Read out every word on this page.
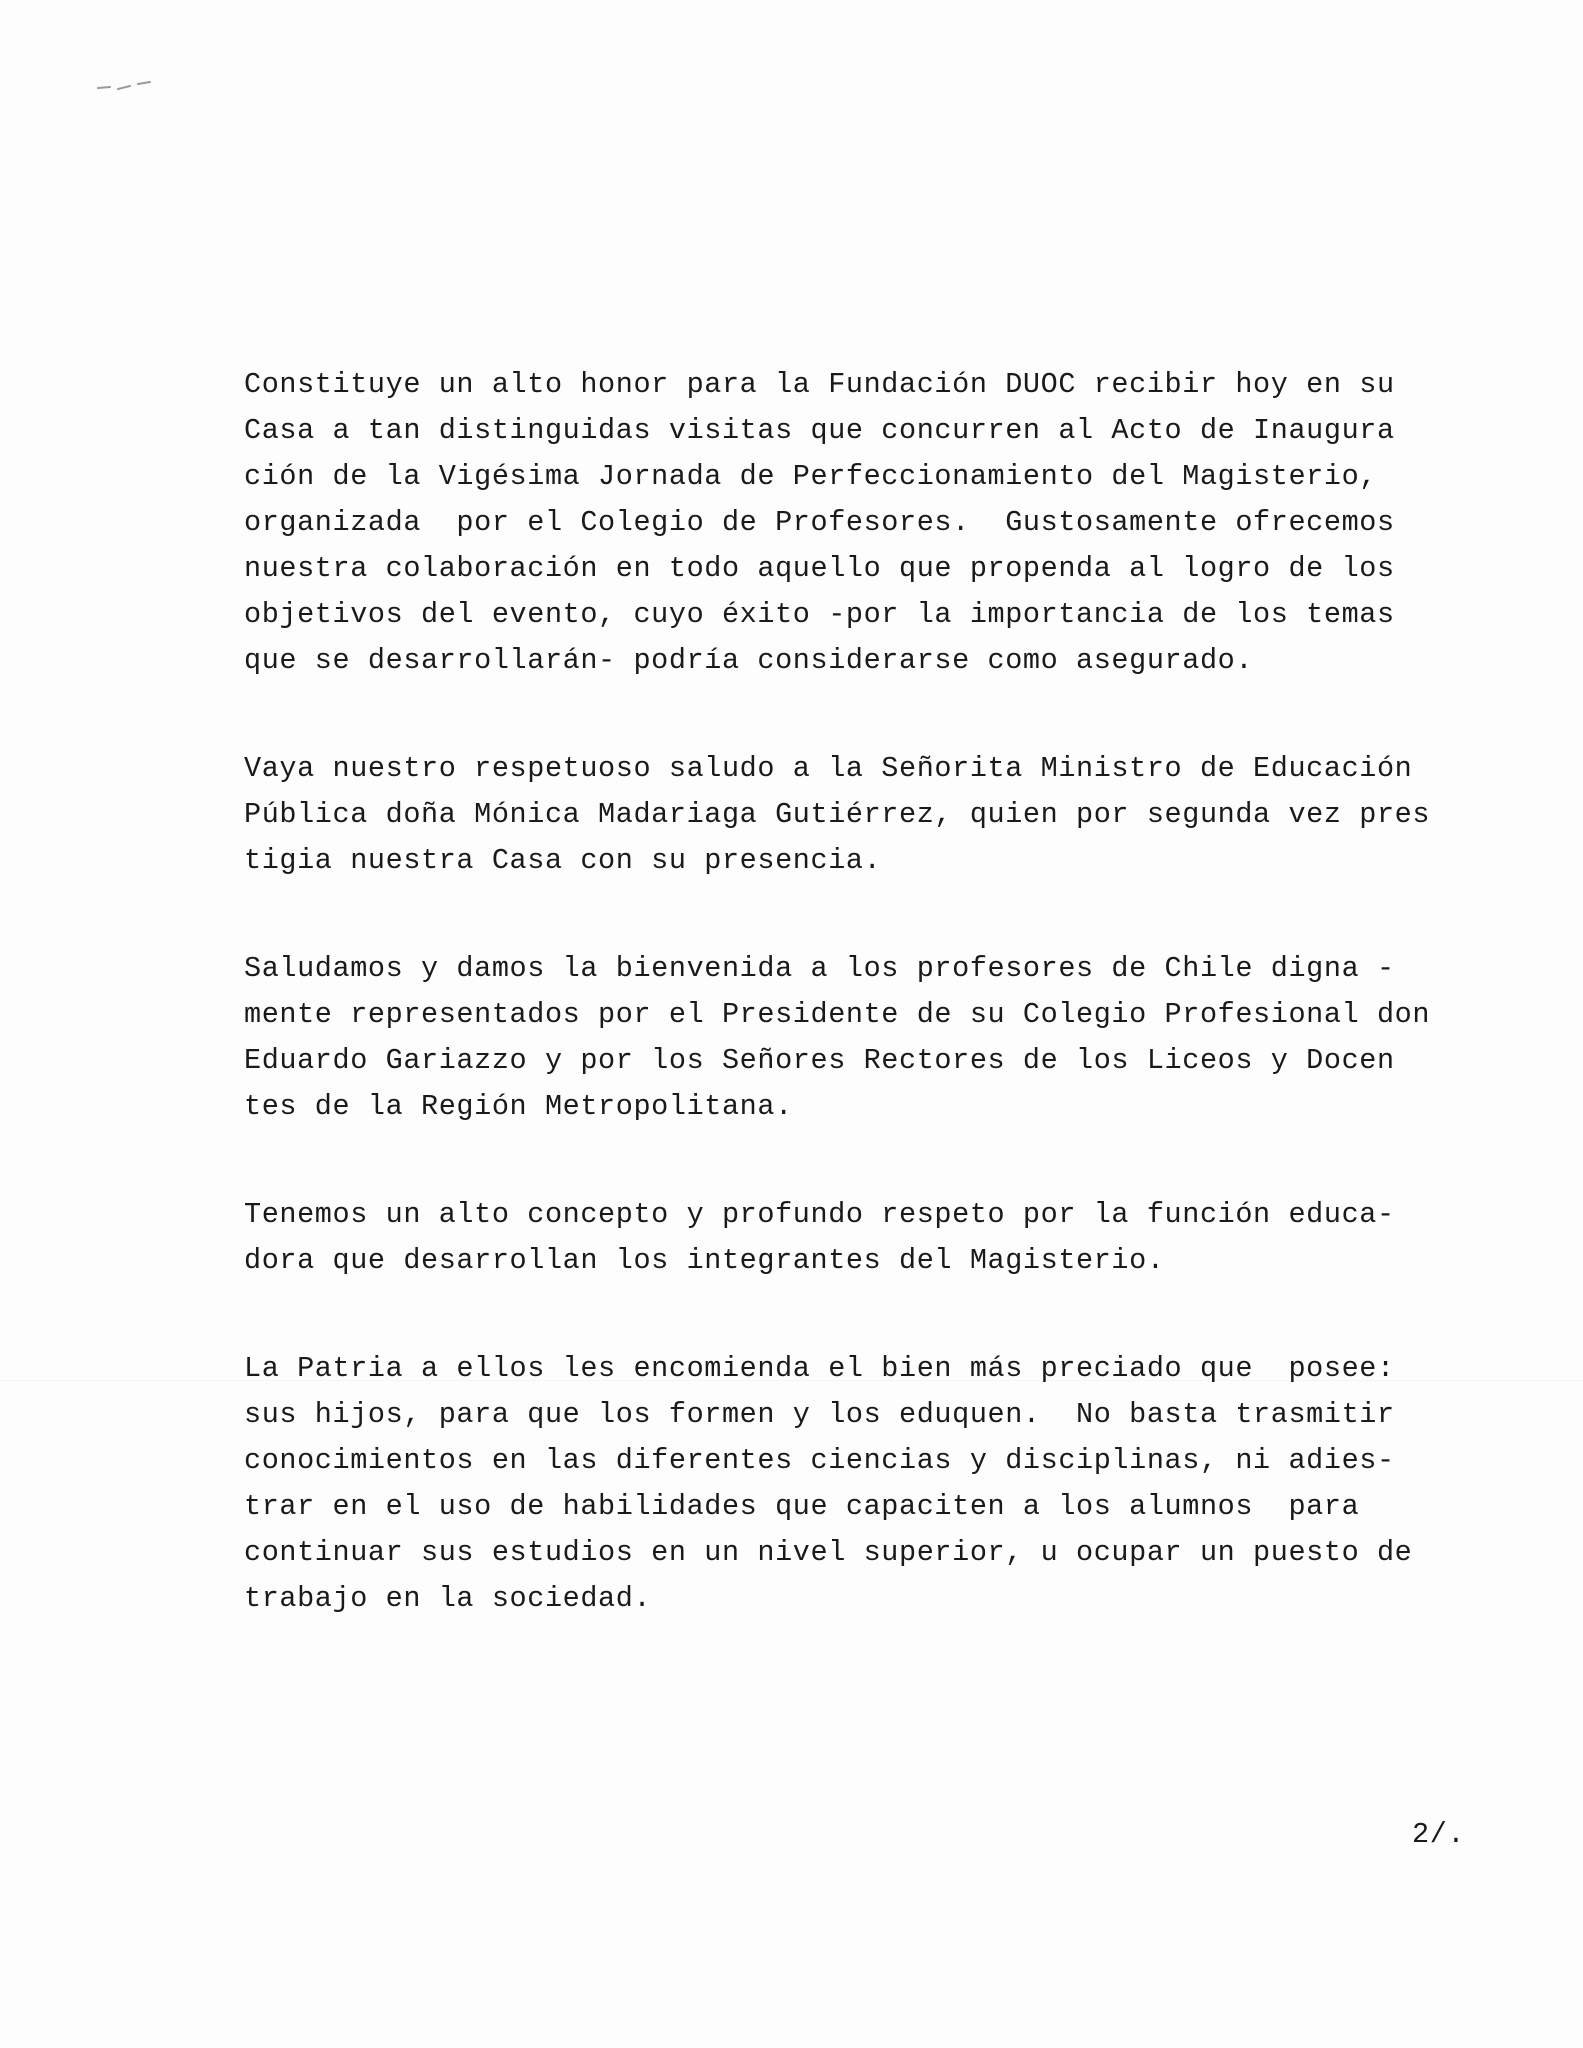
Constituye un alto honor para la Fundación DUOC recibir hoy en su
Casa a tan distinguidas visitas que concurren al Acto de Inaugura
ción de la Vigésima Jornada de Perfeccionamiento del Magisterio,
organizada  por el Colegio de Profesores.  Gustosamente ofrecemos
nuestra colaboración en todo aquello que propenda al logro de los
objetivos del evento, cuyo éxito -por la importancia de los temas
que se desarrollarán- podría considerarse como asegurado.

Vaya nuestro respetuoso saludo a la Señorita Ministro de Educación
Pública doña Mónica Madariaga Gutiérrez, quien por segunda vez pres
tigia nuestra Casa con su presencia.

Saludamos y damos la bienvenida a los profesores de Chile digna -
mente representados por el Presidente de su Colegio Profesional don
Eduardo Gariazzo y por los Señores Rectores de los Liceos y Docen
tes de la Región Metropolitana.

Tenemos un alto concepto y profundo respeto por la función educa-
dora que desarrollan los integrantes del Magisterio.

La Patria a ellos les encomienda el bien más preciado que  posee:
sus hijos, para que los formen y los eduquen.  No basta trasmitir
conocimientos en las diferentes ciencias y disciplinas, ni adies-
trar en el uso de habilidades que capaciten a los alumnos  para
continuar sus estudios en un nivel superior, u ocupar un puesto de
trabajo en la sociedad.

2/.
